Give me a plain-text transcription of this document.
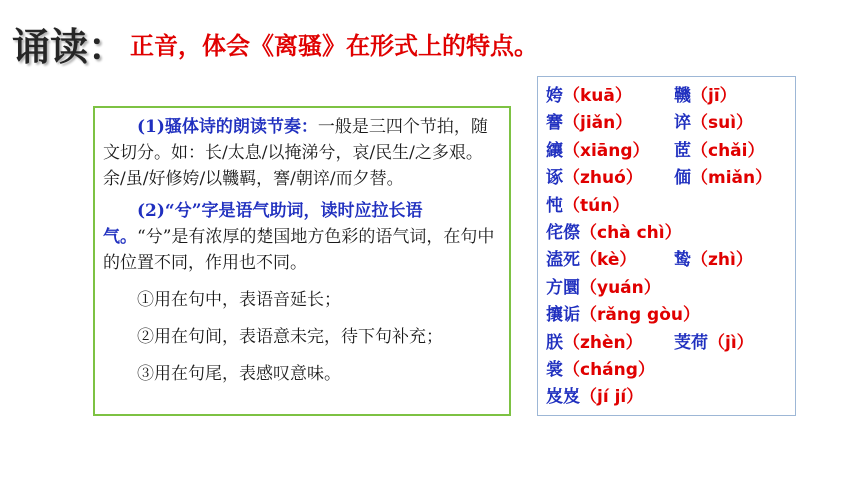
诵读： 正音，体会《离骚》在形式上的特点。

(1)骚体诗的朗读节奏：一般是三四个节拍，随文切分。如：长/太息/以掩涕兮，哀/民生/之多艰。余/虽/好修姱/以鞿羁，謇/朝谇/而夕替。

(2)“兮”字是语气助词，读时应拉长语气。“兮”是有浓厚的楚国地方色彩的语气词，在句中的位置不同，作用也不同。

①用在句中，表语音延长；

②用在句间，表语意未完，待下句补充；

③用在句尾，表感叹意味。

姱（kuā） 鞿（jī）
謇（jiǎn） 谇（suì）
纕（xiāng） 茝（chǎi）
诼（zhuó） 偭（miǎn）
忳（tún）
侘傺（chà chì）
溘死（kè） 鸷（zhì）
方圜（yuán）
攘诟（rǎng gòu）
朕（zhèn） 芰荷（jì）
裳（cháng）
岌岌（jí jí）
